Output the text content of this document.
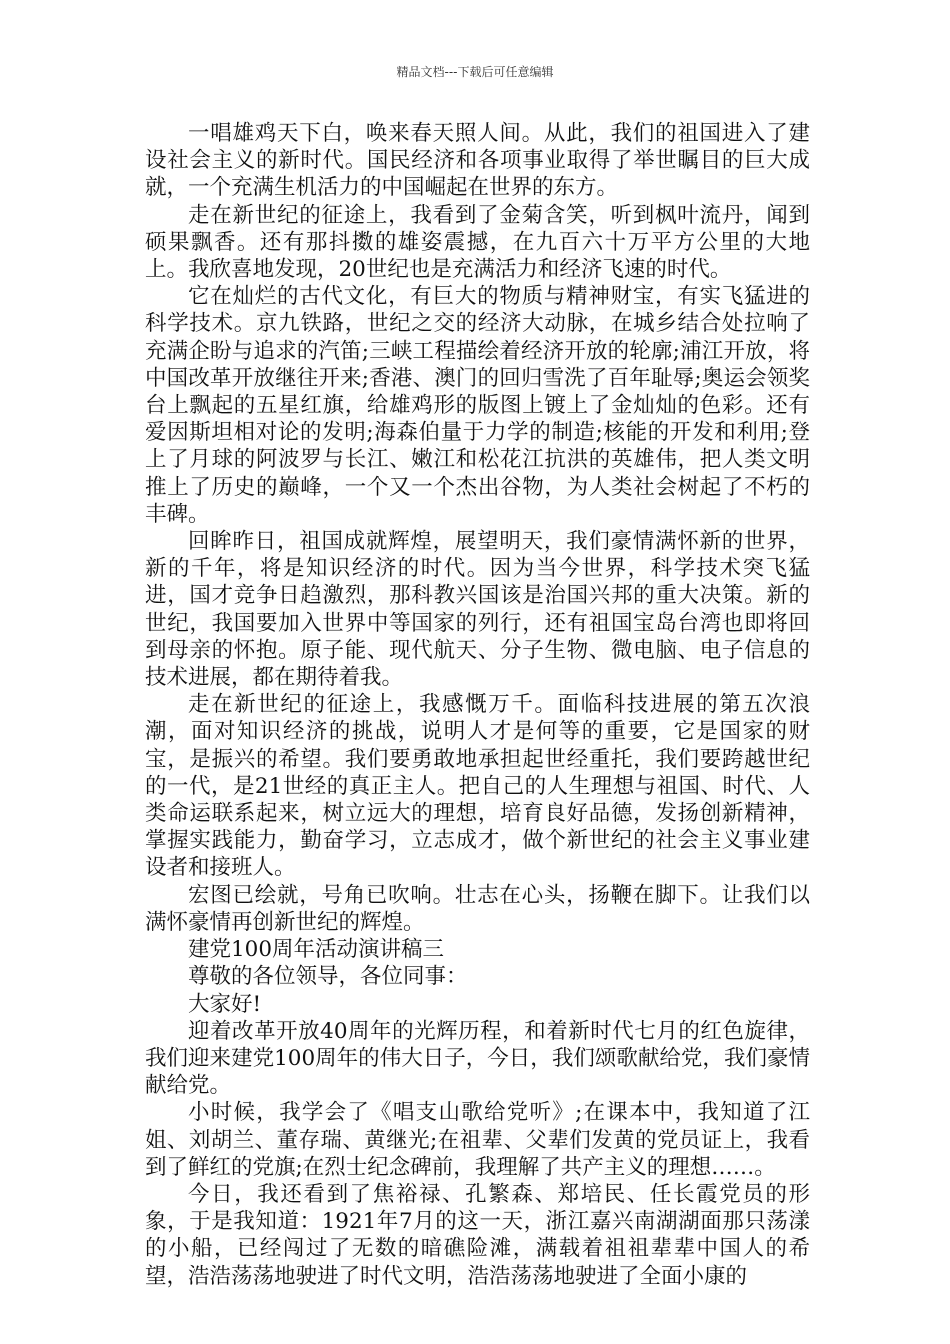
精品文档---下载后可任意编辑

一唱雄鸡天下白，唤来春天照人间。从此，我们的祖国进入了建设社会主义的新时代。国民经济和各项事业取得了举世瞩目的巨大成就，一个充满生机活力的中国崛起在世界的东方。

走在新世纪的征途上，我看到了金菊含笑，听到枫叶流丹，闻到硕果飘香。还有那抖擞的雄姿震撼，在九百六十万平方公里的大地上。我欣喜地发现，20世纪也是充满活力和经济飞速的时代。

它在灿烂的古代文化，有巨大的物质与精神财宝，有实飞猛进的科学技术。京九铁路，世纪之交的经济大动脉，在城乡结合处拉响了充满企盼与追求的汽笛;三峡工程描绘着经济开放的轮廓;浦江开放，将中国改革开放继往开来;香港、澳门的回归雪洗了百年耻辱;奥运会领奖台上飘起的五星红旗，给雄鸡形的版图上镀上了金灿灿的色彩。还有爱因斯坦相对论的发明;海森伯量于力学的制造;核能的开发和利用;登上了月球的阿波罗与长江、嫩江和松花江抗洪的英雄伟，把人类文明推上了历史的巅峰，一个又一个杰出谷物，为人类社会树起了不朽的丰碑。

回眸昨日，祖国成就辉煌，展望明天，我们豪情满怀新的世界，新的千年，将是知识经济的时代。因为当今世界，科学技术突飞猛进，国才竞争日趋激烈，那科教兴国该是治国兴邦的重大决策。新的世纪，我国要加入世界中等国家的列行，还有祖国宝岛台湾也即将回到母亲的怀抱。原子能、现代航天、分子生物、微电脑、电子信息的技术进展，都在期待着我。

走在新世纪的征途上，我感慨万千。面临科技进展的第五次浪潮，面对知识经济的挑战，说明人才是何等的重要，它是国家的财宝，是振兴的希望。我们要勇敢地承担起世经重托，我们要跨越世纪的一代，是21世经的真正主人。把自己的人生理想与祖国、时代、人类命运联系起来，树立远大的理想，培育良好品德，发扬创新精神，掌握实践能力，勤奋学习，立志成才，做个新世纪的社会主义事业建设者和接班人。

宏图已绘就，号角已吹响。壮志在心头，扬鞭在脚下。让我们以满怀豪情再创新世纪的辉煌。

建党100周年活动演讲稿三

尊敬的各位领导，各位同事：

大家好!

迎着改革开放40周年的光辉历程，和着新时代七月的红色旋律，我们迎来建党100周年的伟大日子，今日，我们颂歌献给党，我们豪情献给党。

小时候，我学会了《唱支山歌给党听》;在课本中，我知道了江姐、刘胡兰、董存瑞、黄继光;在祖辈、父辈们发黄的党员证上，我看到了鲜红的党旗;在烈士纪念碑前，我理解了共产主义的理想……。

今日，我还看到了焦裕禄、孔繁森、郑培民、任长霞党员的形象，于是我知道：1921年7月的这一天，浙江嘉兴南湖湖面那只荡漾的小船，已经闯过了无数的暗礁险滩，满载着祖祖辈辈中国人的希望，浩浩荡荡地驶进了时代文明，浩浩荡荡地驶进了全面小康的
